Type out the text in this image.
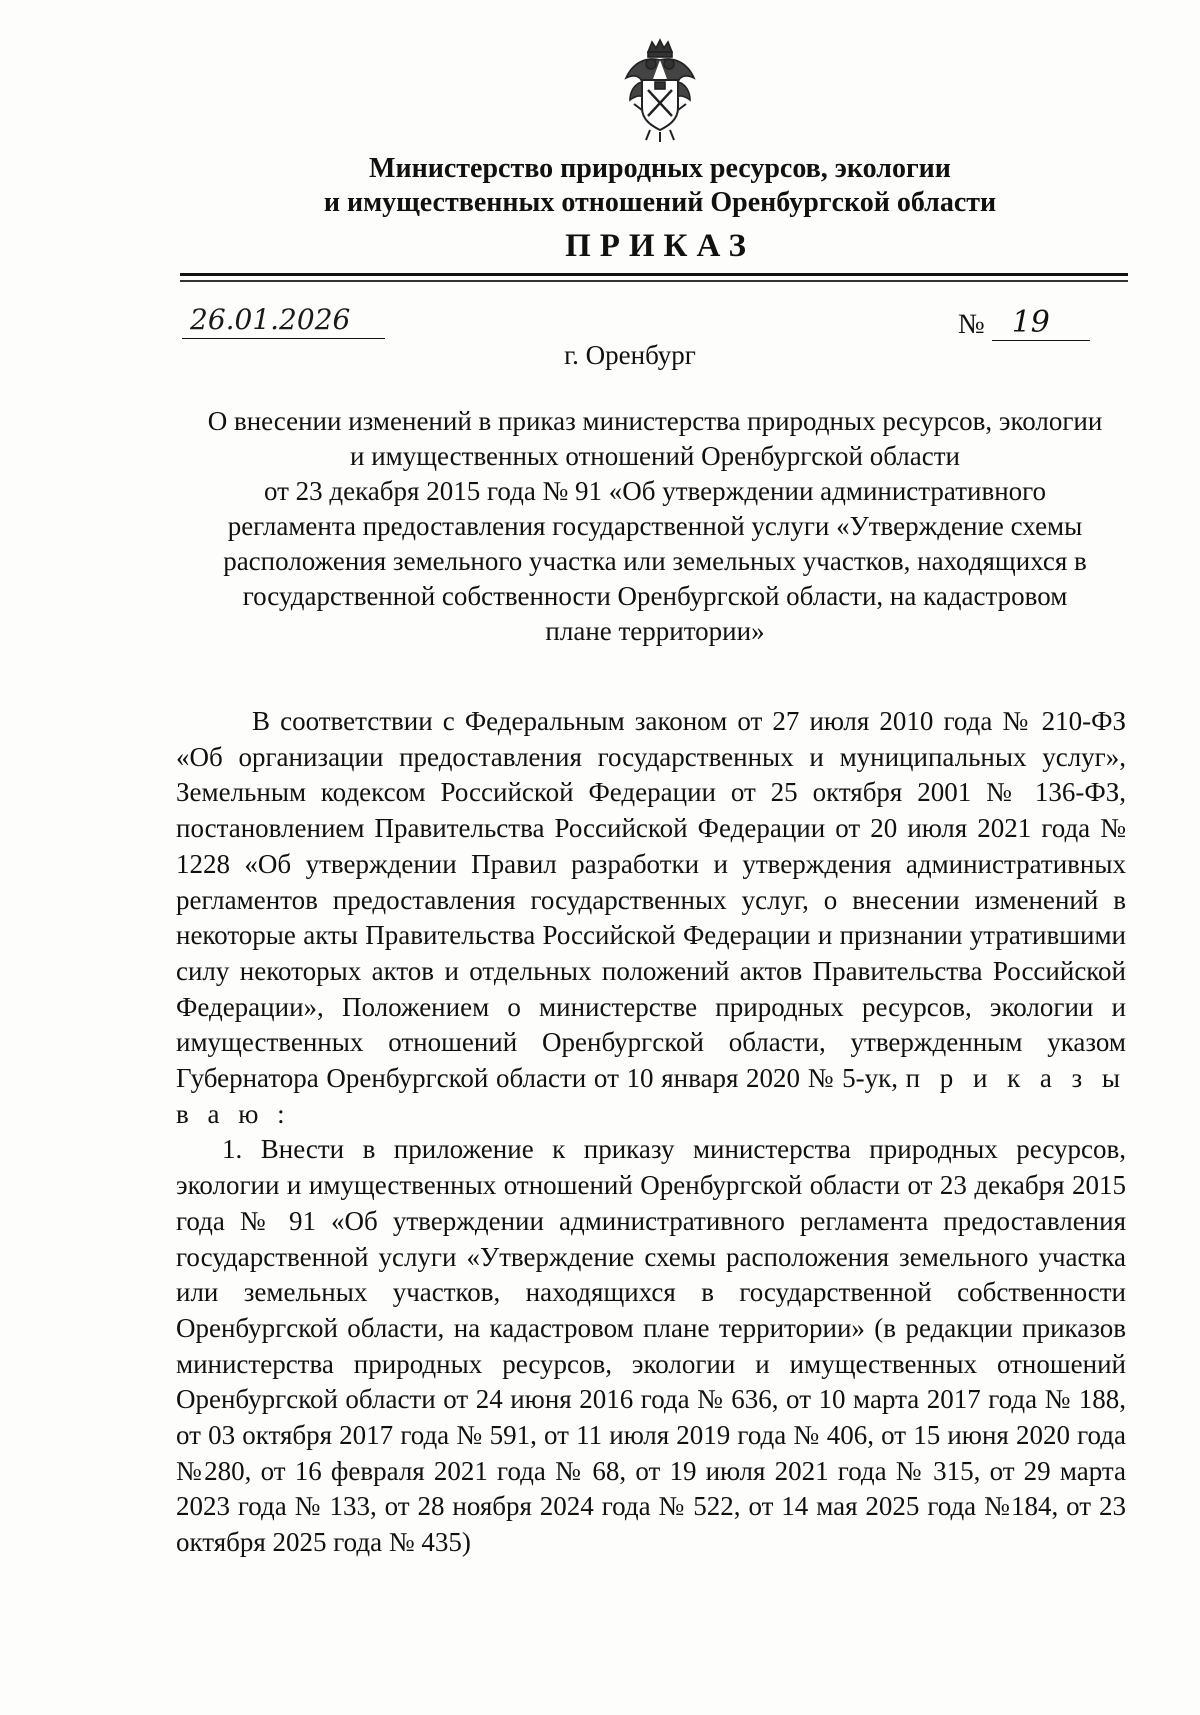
Министерство природных ресурсов, экологии
и имущественных отношений Оренбургской области
ПРИКАЗ
26.01.2026	№ 19
г. Оренбург
О внесении изменений в приказ министерства природных ресурсов, экологии
и имущественных отношений Оренбургской области
от 23 декабря 2015 года № 91 «Об утверждении административного
регламента предоставления государственной услуги «Утверждение схемы
расположения земельного участка или земельных участков, находящихся в
государственной собственности Оренбургской области, на кадастровом
плане территории»

В соответствии с Федеральным законом от 27 июля 2010 года № 210-ФЗ «Об организации предоставления государственных и муниципальных услуг», Земельным кодексом Российской Федерации от 25 октября 2001 № 136-ФЗ, постановлением Правительства Российской Федерации от 20 июля 2021 года № 1228 «Об утверждении Правил разработки и утверждения административных регламентов предоставления государственных услуг, о внесении изменений в некоторые акты Правительства Российской Федерации и признании утратившими силу некоторых актов и отдельных положений актов Правительства Российской Федерации», Положением о министерстве природных ресурсов, экологии и имущественных отношений Оренбургской области, утвержденным указом Губернатора Оренбургской области от 10 января 2020 № 5-ук, п р и к а з ы в а ю :

1. Внести в приложение к приказу министерства природных ресурсов, экологии и имущественных отношений Оренбургской области от 23 декабря 2015 года № 91 «Об утверждении административного регламента предоставления государственной услуги «Утверждение схемы расположения земельного участка или земельных участков, находящихся в государственной собственности Оренбургской области, на кадастровом плане территории» (в редакции приказов министерства природных ресурсов, экологии и имущественных отношений Оренбургской области от 24 июня 2016 года № 636, от 10 марта 2017 года № 188, от 03 октября 2017 года № 591, от 11 июля 2019 года № 406, от 15 июня 2020 года №280, от 16 февраля 2021 года № 68, от 19 июля 2021 года № 315, от 29 марта 2023 года № 133, от 28 ноября 2024 года № 522, от 14 мая 2025 года №184, от 23 октября 2025 года № 435)
